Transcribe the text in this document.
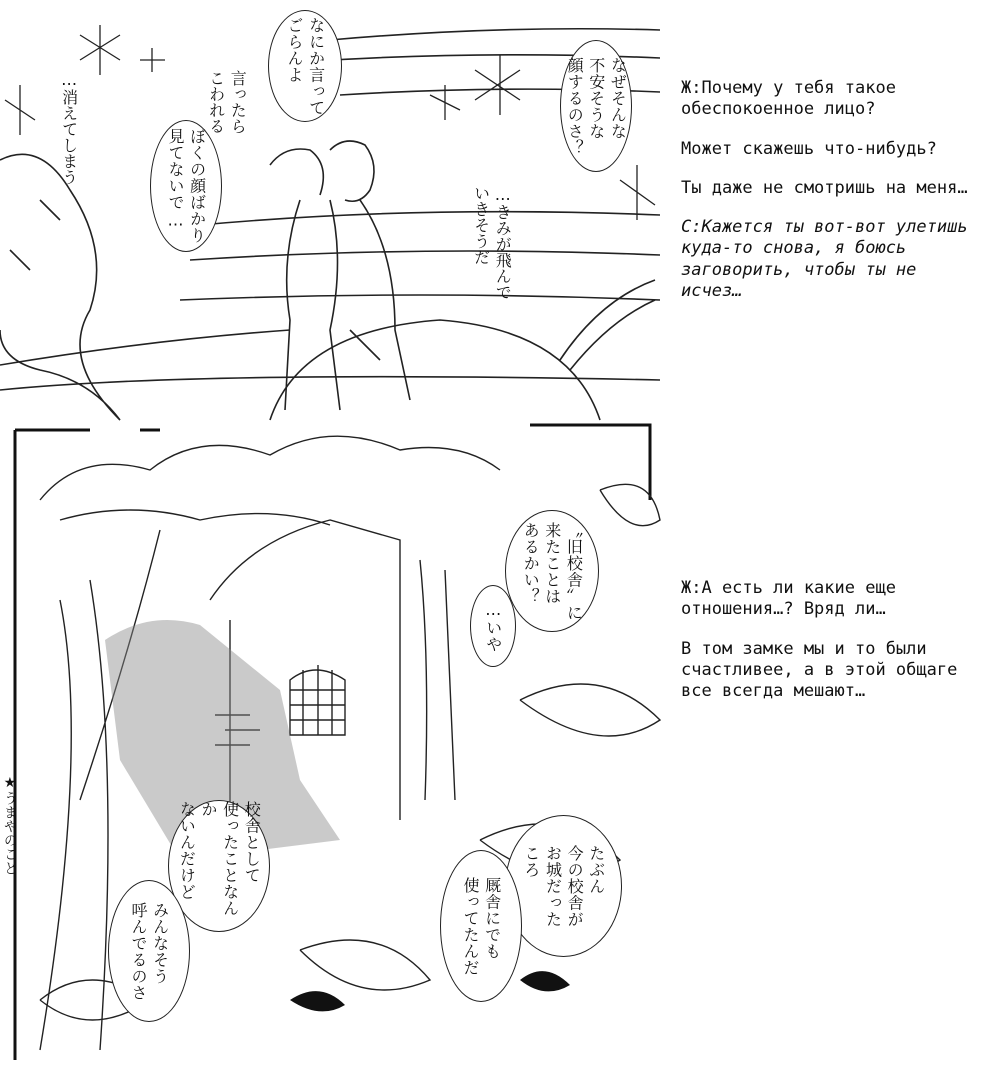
なぜそんな
不安そうな
顔するのさ？
なにか言って
ごらんよ
言ったら
こわれる
ぼくの顔ばかり
見てないで…
…消えてしまう
…きみが飛んで
いきそうだ
〝旧校舎〟に
来たことは
あるかい？
…いや
校舎として
使ったことなんか
ないんだけど
みんなそう
呼んでるのさ
たぶん
今の校舎が
お城だった
ころ
厩舎にでも
使ってたんだ
★うまやのこと

Ж:Почему у тебя такое обеспокоенное лицо?

Может скажешь что-нибудь?

Ты даже не смотришь на меня…

С:Кажется ты вот-вот улетишь куда-то снова, я боюсь заговорить, чтобы ты не исчез…

Ж:А есть ли какие еще отношения…? Вряд ли…

В том замке мы и то были счастливее, а в этой общаге все всегда мешают…
